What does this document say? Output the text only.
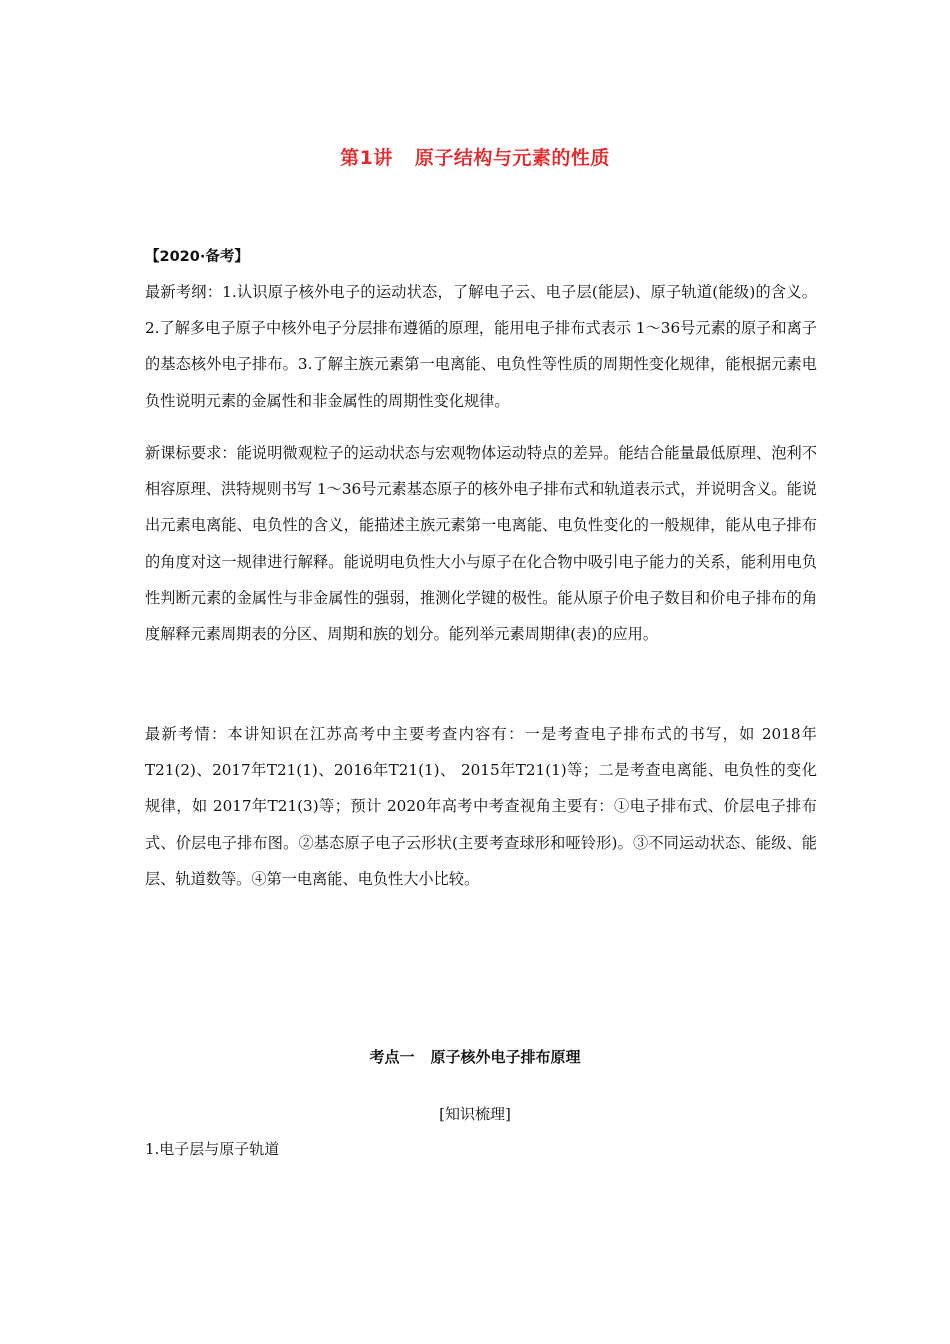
第1讲 原子结构与元素的性质
【2020·备考】

最新考纲：1.认识原子核外电子的运动状态，了解电子云、电子层(能层)、原子轨道(能级)的含义。2.了解多电子原子中核外电子分层排布遵循的原理，能用电子排布式表示 1～36号元素的原子和离子的基态核外电子排布。3.了解主族元素第一电离能、电负性等性质的周期性变化规律，能根据元素电负性说明元素的金属性和非金属性的周期性变化规律。

新课标要求：能说明微观粒子的运动状态与宏观物体运动特点的差异。能结合能量最低原理、泡利不相容原理、洪特规则书写 1～36号元素基态原子的核外电子排布式和轨道表示式，并说明含义。能说出元素电离能、电负性的含义，能描述主族元素第一电离能、电负性变化的一般规律，能从电子排布的角度对这一规律进行解释。能说明电负性大小与原子在化合物中吸引电子能力的关系，能利用电负性判断元素的金属性与非金属性的强弱，推测化学键的极性。能从原子价电子数目和价电子排布的角度解释元素周期表的分区、周期和族的划分。能列举元素周期律(表)的应用。

最新考情：本讲知识在江苏高考中主要考查内容有：一是考查电子排布式的书写，如 2018年T21(2)、2017年T21(1)、2016年T21(1)、 2015年T21(1)等；二是考查电离能、电负性的变化规律，如 2017年T21(3)等；预计 2020年高考中考查视角主要有：①电子排布式、价层电子排布式、价层电子排布图。②基态原子电子云形状(主要考查球形和哑铃形)。③不同运动状态、能级、能层、轨道数等。④第一电离能、电负性大小比较。

考点一 原子核外电子排布原理
[知识梳理]
1.电子层与原子轨道
